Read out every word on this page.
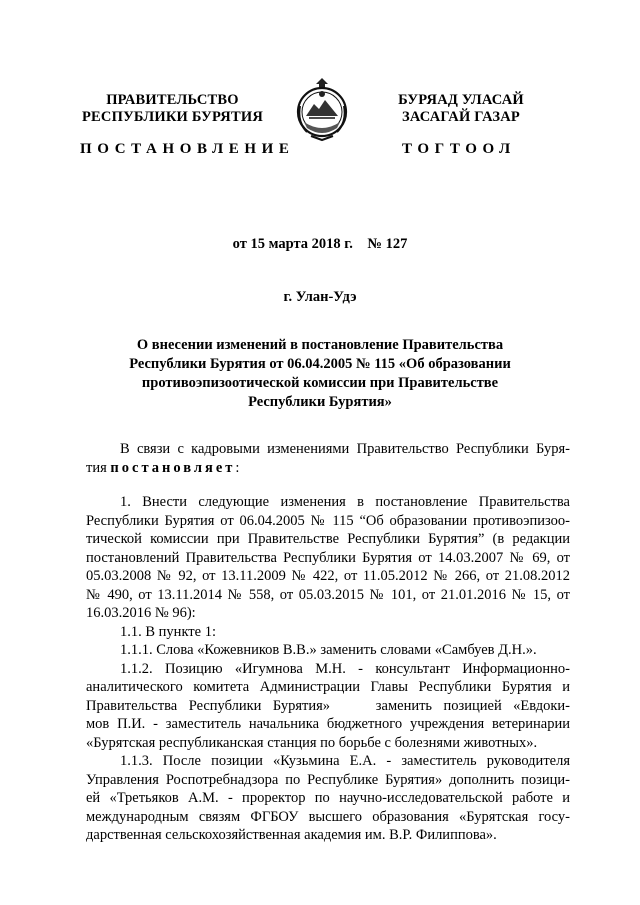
ПРАВИТЕЛЬСТВО
РЕСПУБЛИКИ БУРЯТИЯ
БУРЯАД УЛАСАЙ
ЗАСАГАЙ ГАЗАР
ПОСТАНОВЛЕНИЕ	ТОГТООЛ
от 15 марта 2018 г.    № 127
г. Улан-Удэ
О внесении изменений в постановление Правительства
Республики Бурятия от 06.04.2005 № 115 «Об образовании
противоэпизоотической комиссии при Правительстве
Республики Бурятия»
В связи с кадровыми изменениями Правительство Республики Буря-
тия постановляет:
1. Внести следующие изменения в постановление Правительства
Республики Бурятия от 06.04.2005 № 115 “Об образовании противоэпизоо-
тической комиссии при Правительстве Республики Бурятия” (в редакции
постановлений Правительства Республики Бурятия от 14.03.2007 № 69, от
05.03.2008 № 92, от 13.11.2009 № 422, от 11.05.2012 № 266, от 21.08.2012
№ 490, от 13.11.2014 № 558, от 05.03.2015 № 101, от 21.01.2016 № 15, от
16.03.2016 № 96):
1.1. В пункте 1:
1.1.1. Слова «Кожевников В.В.» заменить словами «Самбуев Д.Н.».
1.1.2. Позицию «Игумнова М.Н. - консультант Информационно-
аналитического комитета Администрации Главы Республики Бурятия и
Правительства Республики Бурятия»    заменить позицией «Евдоки-
мов П.И. - заместитель начальника бюджетного учреждения ветеринарии
«Бурятская республиканская станция по борьбе с болезнями животных».
1.1.3. После позиции «Кузьмина Е.А. - заместитель руководителя
Управления Роспотребнадзора по Республике Бурятия» дополнить позици-
ей «Третьяков А.М. - проректор по научно-исследовательской работе и
международным связям ФГБОУ высшего образования «Бурятская госу-
дарственная сельскохозяйственная академия им. В.Р. Филиппова».
